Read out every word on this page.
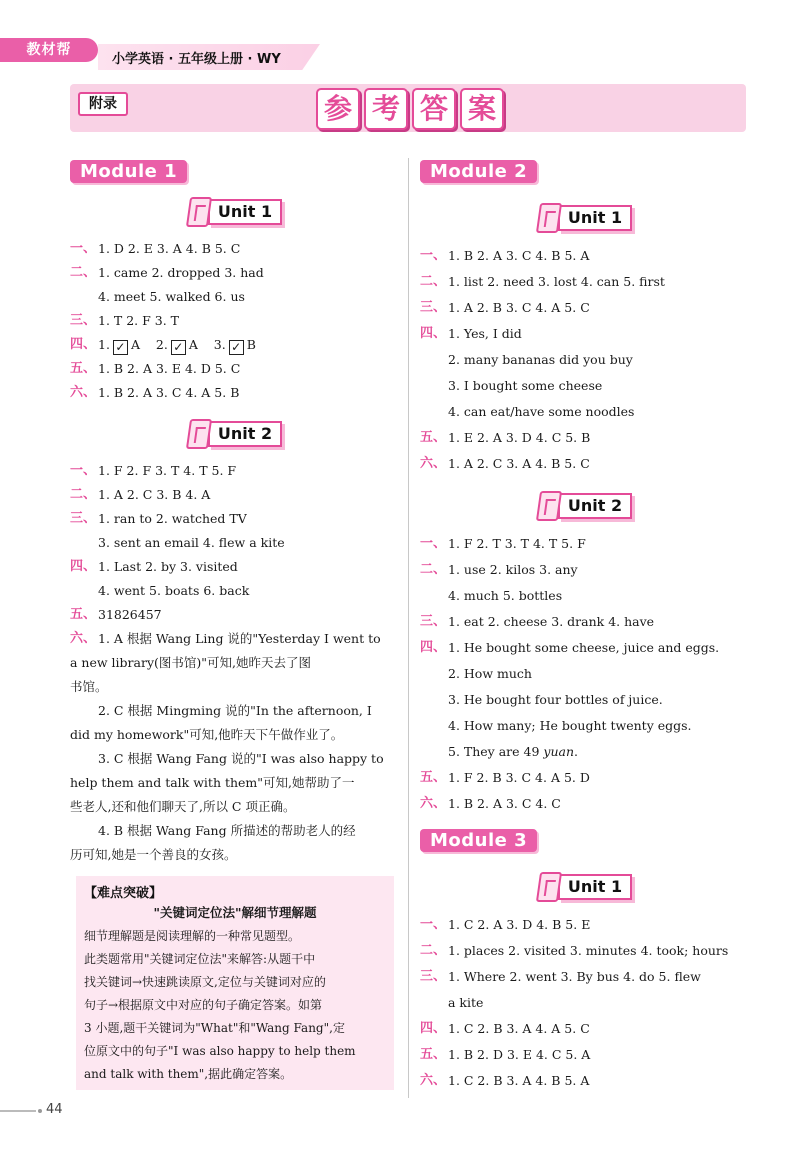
教材帮
小学英语 · 五年级上册 · WY
附录	参 考 答 案
Module 1
Unit 1
一、 1. D 2. E 3. A 4. B 5. C
二、 1. came 2. dropped 3. had
4. meet 5. walked 6. us
三、 1. T 2. F 3. T
四、 1. ✓ A 2. ✓ A 3. ✓ B
五、 1. B 2. A 3. E 4. D 5. C
六、 1. B 2. A 3. C 4. A 5. B
Unit 2
一、 1. F 2. F 3. T 4. T 5. F
二、 1. A 2. C 3. B 4. A
三、 1. ran to 2. watched TV
3. sent an email 4. flew a kite
四、 1. Last 2. by 3. visited
4. went 5. boats 6. back
五、 31826457
六、 1. A 根据 Wang Ling 说的"Yesterday I went to
a new library(图书馆)"可知,她昨天去了图
书馆。
2. C 根据 Mingming 说的"In the afternoon, I
did my homework"可知,他昨天下午做作业了。
3. C 根据 Wang Fang 说的"I was also happy to
help them and talk with them"可知,她帮助了一
些老人,还和他们聊天了,所以 C 项正确。
4. B 根据 Wang Fang 所描述的帮助老人的经
历可知,她是一个善良的女孩。
【难点突破】
"关键词定位法"解细节理解题
细节理解题是阅读理解的一种常见题型。
此类题常用"关键词定位法"来解答:从题干中
找关键词→快速跳读原文,定位与关键词对应的
句子→根据原文中对应的句子确定答案。如第
3 小题,题干关键词为"What"和"Wang Fang",定
位原文中的句子"I was also happy to help them
and talk with them",据此确定答案。
Module 2
Unit 1
一、 1. B 2. A 3. C 4. B 5. A
二、 1. list 2. need 3. lost 4. can 5. first
三、 1. A 2. B 3. C 4. A 5. C
四、 1. Yes, I did
2. many bananas did you buy
3. I bought some cheese
4. can eat/have some noodles
五、 1. E 2. A 3. D 4. C 5. B
六、 1. A 2. C 3. A 4. B 5. C
Unit 2
一、 1. F 2. T 3. T 4. T 5. F
二、 1. use 2. kilos 3. any
4. much 5. bottles
三、 1. eat 2. cheese 3. drank 4. have
四、 1. He bought some cheese, juice and eggs.
2. How much
3. He bought four bottles of juice.
4. How many; He bought twenty eggs.
5. They are 49 yuan.
五、 1. F 2. B 3. C 4. A 5. D
六、 1. B 2. A 3. C 4. C
Module 3
Unit 1
一、 1. C 2. A 3. D 4. B 5. E
二、 1. places 2. visited 3. minutes 4. took; hours
三、 1. Where 2. went 3. By bus 4. do 5. flew
a kite
四、 1. C 2. B 3. A 4. A 5. C
五、 1. B 2. D 3. E 4. C 5. A
六、 1. C 2. B 3. A 4. B 5. A
44
